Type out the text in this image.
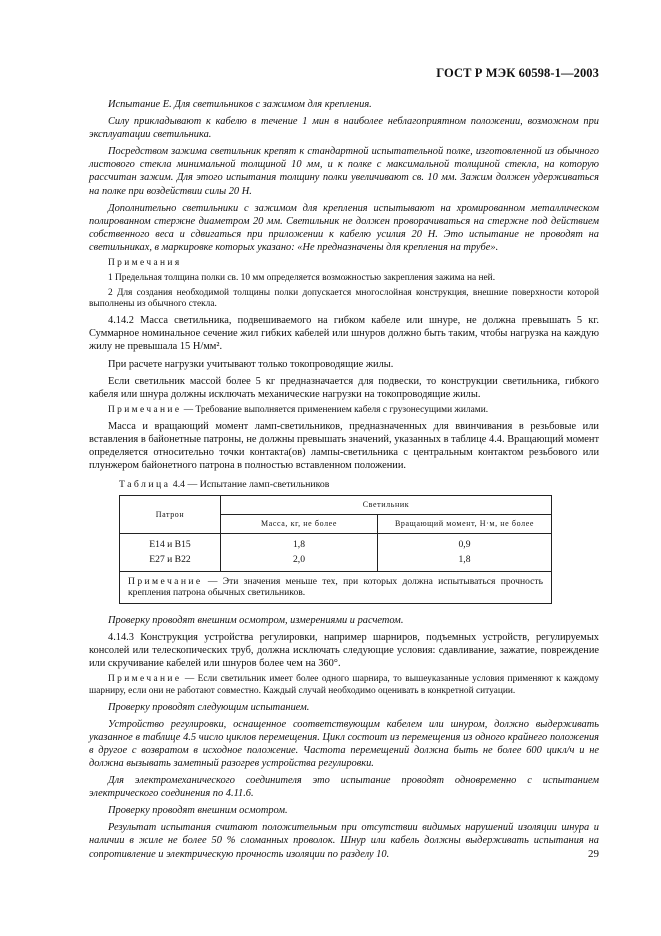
ГОСТ Р МЭК 60598-1—2003

Испытание Е. Для светильников с зажимом для крепления.

Силу прикладывают к кабелю в течение 1 мин в наиболее неблагоприятном положении, возможном при эксплуатации светильника.

Посредством зажима светильник крепят к стандартной испытательной полке, изготовленной из обычного листового стекла минимальной толщиной 10 мм, и к полке с максимальной толщиной стекла, на которую рассчитан зажим. Для этого испытания толщину полки увеличивают св. 10 мм. Зажим должен удерживаться на полке при воздействии силы 20 Н.

Дополнительно светильники с зажимом для крепления испытывают на хромированном металлическом полированном стержне диаметром 20 мм. Светильник не должен проворачиваться на стержне под действием собственного веса и сдвигаться при приложении к кабелю усилия 20 Н. Это испытание не проводят на светильниках, в маркировке которых указано: «Не предназначены для крепления на трубе».

Примечания

1 Предельная толщина полки св. 10 мм определяется возможностью закрепления зажима на ней.

2 Для создания необходимой толщины полки допускается многослойная конструкция, внешние поверхности которой выполнены из обычного стекла.

4.14.2 Масса светильника, подвешиваемого на гибком кабеле или шнуре, не должна превышать 5 кг. Суммарное номинальное сечение жил гибких кабелей или шнуров должно быть таким, чтобы нагрузка на каждую жилу не превышала 15 Н/мм².

При расчете нагрузки учитывают только токопроводящие жилы.

Если светильник массой более 5 кг предназначается для подвески, то конструкции светильника, гибкого кабеля или шнура должны исключать механические нагрузки на токопроводящие жилы.

Примечание — Требование выполняется применением кабеля с грузонесущими жилами.

Масса и вращающий момент ламп-светильников, предназначенных для ввинчивания в резьбовые или вставления в байонетные патроны, не должны превышать значений, указанных в таблице 4.4. Вращающий момент определяется относительно точки контакта(ов) лампы-светильника с центральным контактом резьбового или плунжером байонетного патрона в полностью вставленном положении.

Таблица 4.4 — Испытание ламп-светильников
Патрон	Светильник	
	Масса, кг, не более	Вращающий момент, Н·м, не более
E14 и B15	1,8	0,9
E27 и B22	2,0	1,8
Примечание — Эти значения меньше тех, при которых должна испытываться прочность крепления патрона обычных светильников.		

Проверку проводят внешним осмотром, измерениями и расчетом.

4.14.3 Конструкция устройства регулировки, например шарниров, подъемных устройств, регулируемых консолей или телескопических труб, должна исключать следующие условия: сдавливание, зажатие, повреждение или скручивание кабелей или шнуров более чем на 360°.

Примечание — Если светильник имеет более одного шарнира, то вышеуказанные условия применяют к каждому шарниру, если они не работают совместно. Каждый случай необходимо оценивать в конкретной ситуации.

Проверку проводят следующим испытанием.

Устройство регулировки, оснащенное соответствующим кабелем или шнуром, должно выдерживать указанное в таблице 4.5 число циклов перемещения. Цикл состоит из перемещения из одного крайнего положения в другое с возвратом в исходное положение. Частота перемещений должна быть не более 600 цикл/ч и не должна вызывать заметный разогрев устройства регулировки.

Для электромеханического соединителя это испытание проводят одновременно с испытанием электрического соединения по 4.11.6.

Проверку проводят внешним осмотром.

Результат испытания считают положительным при отсутствии видимых нарушений изоляции шнура и наличии в жиле не более 50 % сломанных проволок. Шнур или кабель должны выдерживать испытания на сопротивление и электрическую прочность изоляции по разделу 10.	29
